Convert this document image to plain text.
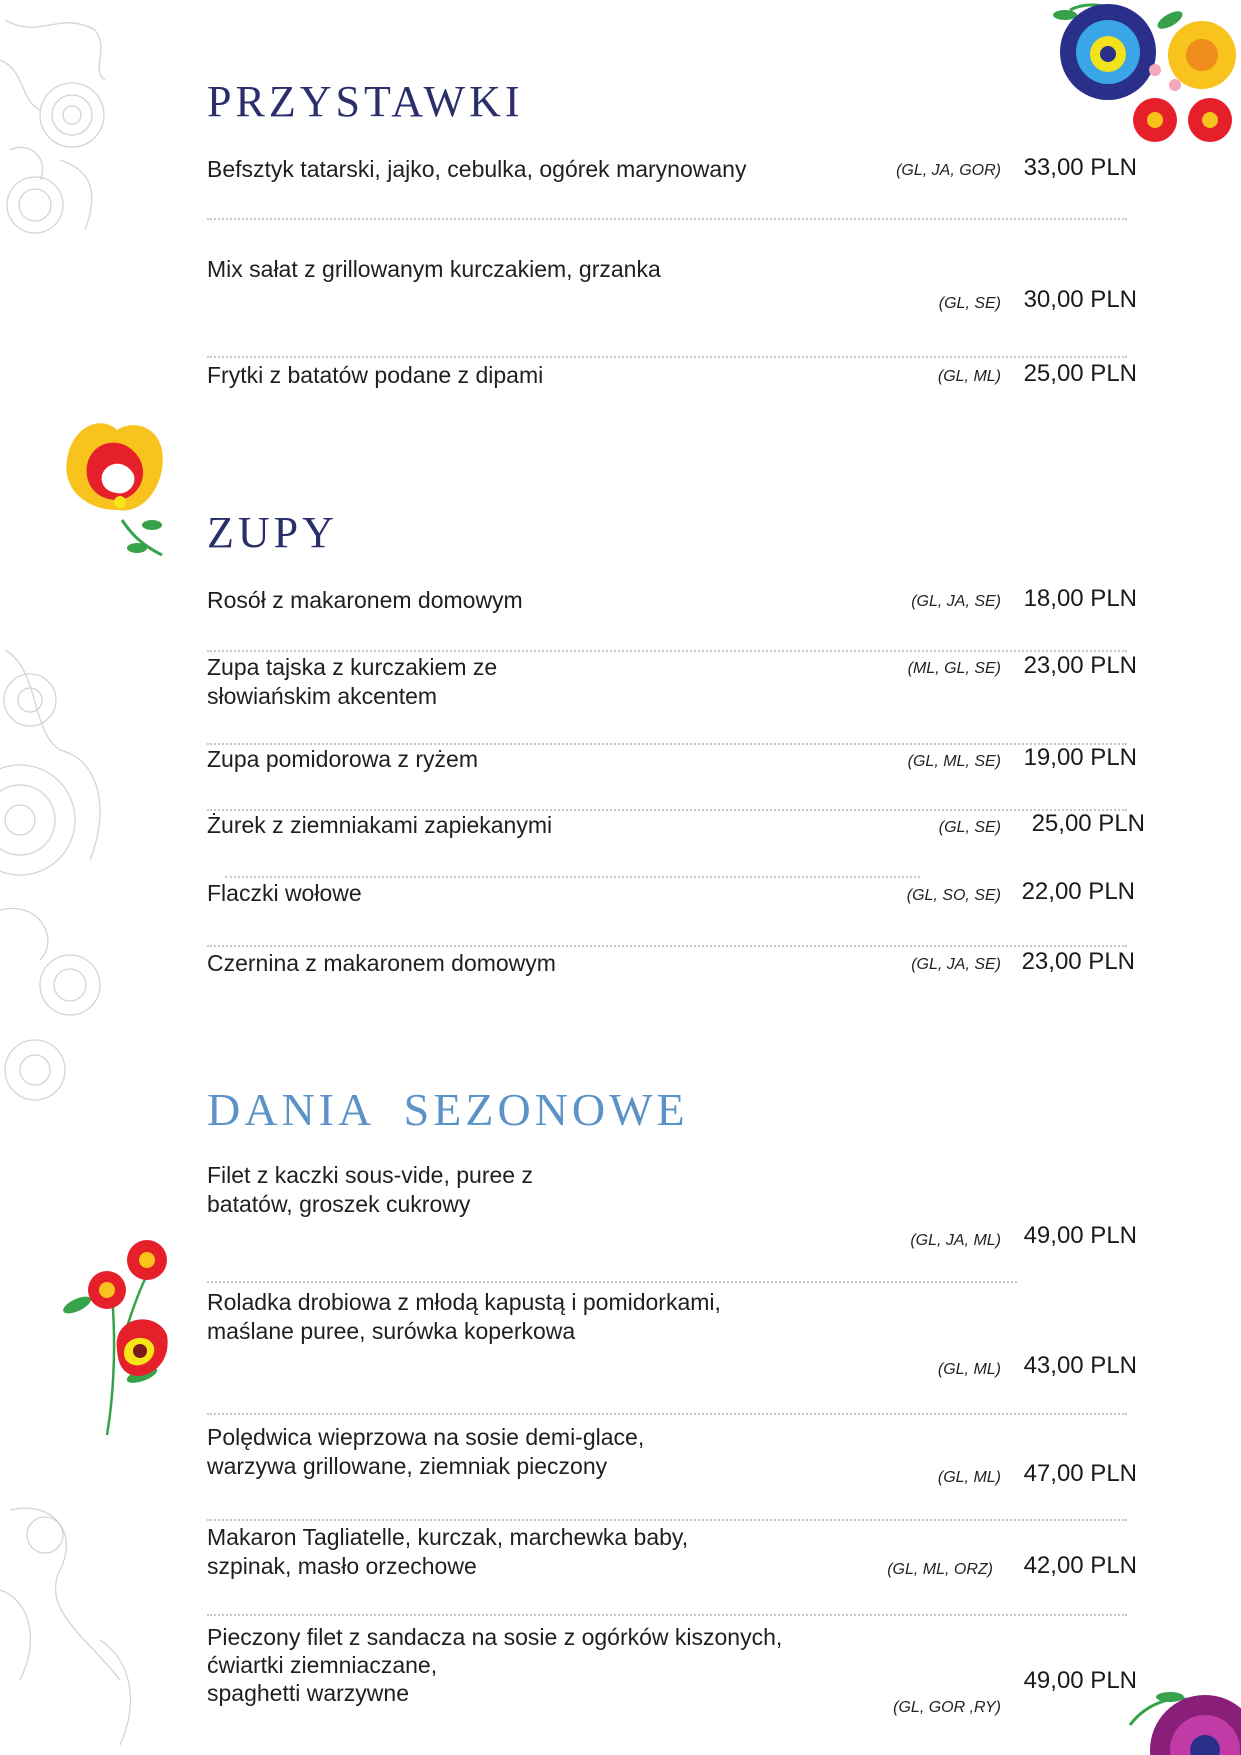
PRZYSTAWKI
Befsztyk tatarski, jajko, cebulka, ogórek marynowany	(GL, JA, GOR) 33,00 PLN
Mix sałat z grillowanym kurczakiem, grzanka
(GL, SE) 30,00 PLN
Frytki z batatów podane z dipami	(GL, ML) 25,00 PLN
ZUPY
Rosół z makaronem domowym	(GL, JA, SE) 18,00 PLN
Zupa tajska z kurczakiem ze
słowiańskim akcentem
(ML, GL, SE) 23,00 PLN
Zupa pomidorowa z ryżem	(GL, ML, SE) 19,00 PLN
Żurek z ziemniakami zapiekanymi	(GL, SE)	25,00 PLN
Flaczki wołowe	(GL, SO, SE) 22,00 PLN
Czernina z makaronem domowym	(GL, JA, SE) 23,00 PLN
DANIA  SEZONOWE
Filet z kaczki sous-vide, puree z
batatów, groszek cukrowy
(GL, JA, ML) 49,00 PLN
Roladka drobiowa z młodą kapustą i pomidorkami,
maślane puree, surówka koperkowa
(GL, ML) 43,00 PLN
Polędwica wieprzowa na sosie demi-glace,
warzywa grillowane, ziemniak pieczony	(GL, ML) 47,00 PLN
Makaron Tagliatelle, kurczak, marchewka baby,
szpinak, masło orzechowe	(GL, ML, ORZ)	42,00 PLN
Pieczony filet z sandacza na sosie z ogórków kiszonych,
ćwiartki ziemniaczane,
spaghetti warzywne
(GL, GOR ,RY)
49,00 PLN
